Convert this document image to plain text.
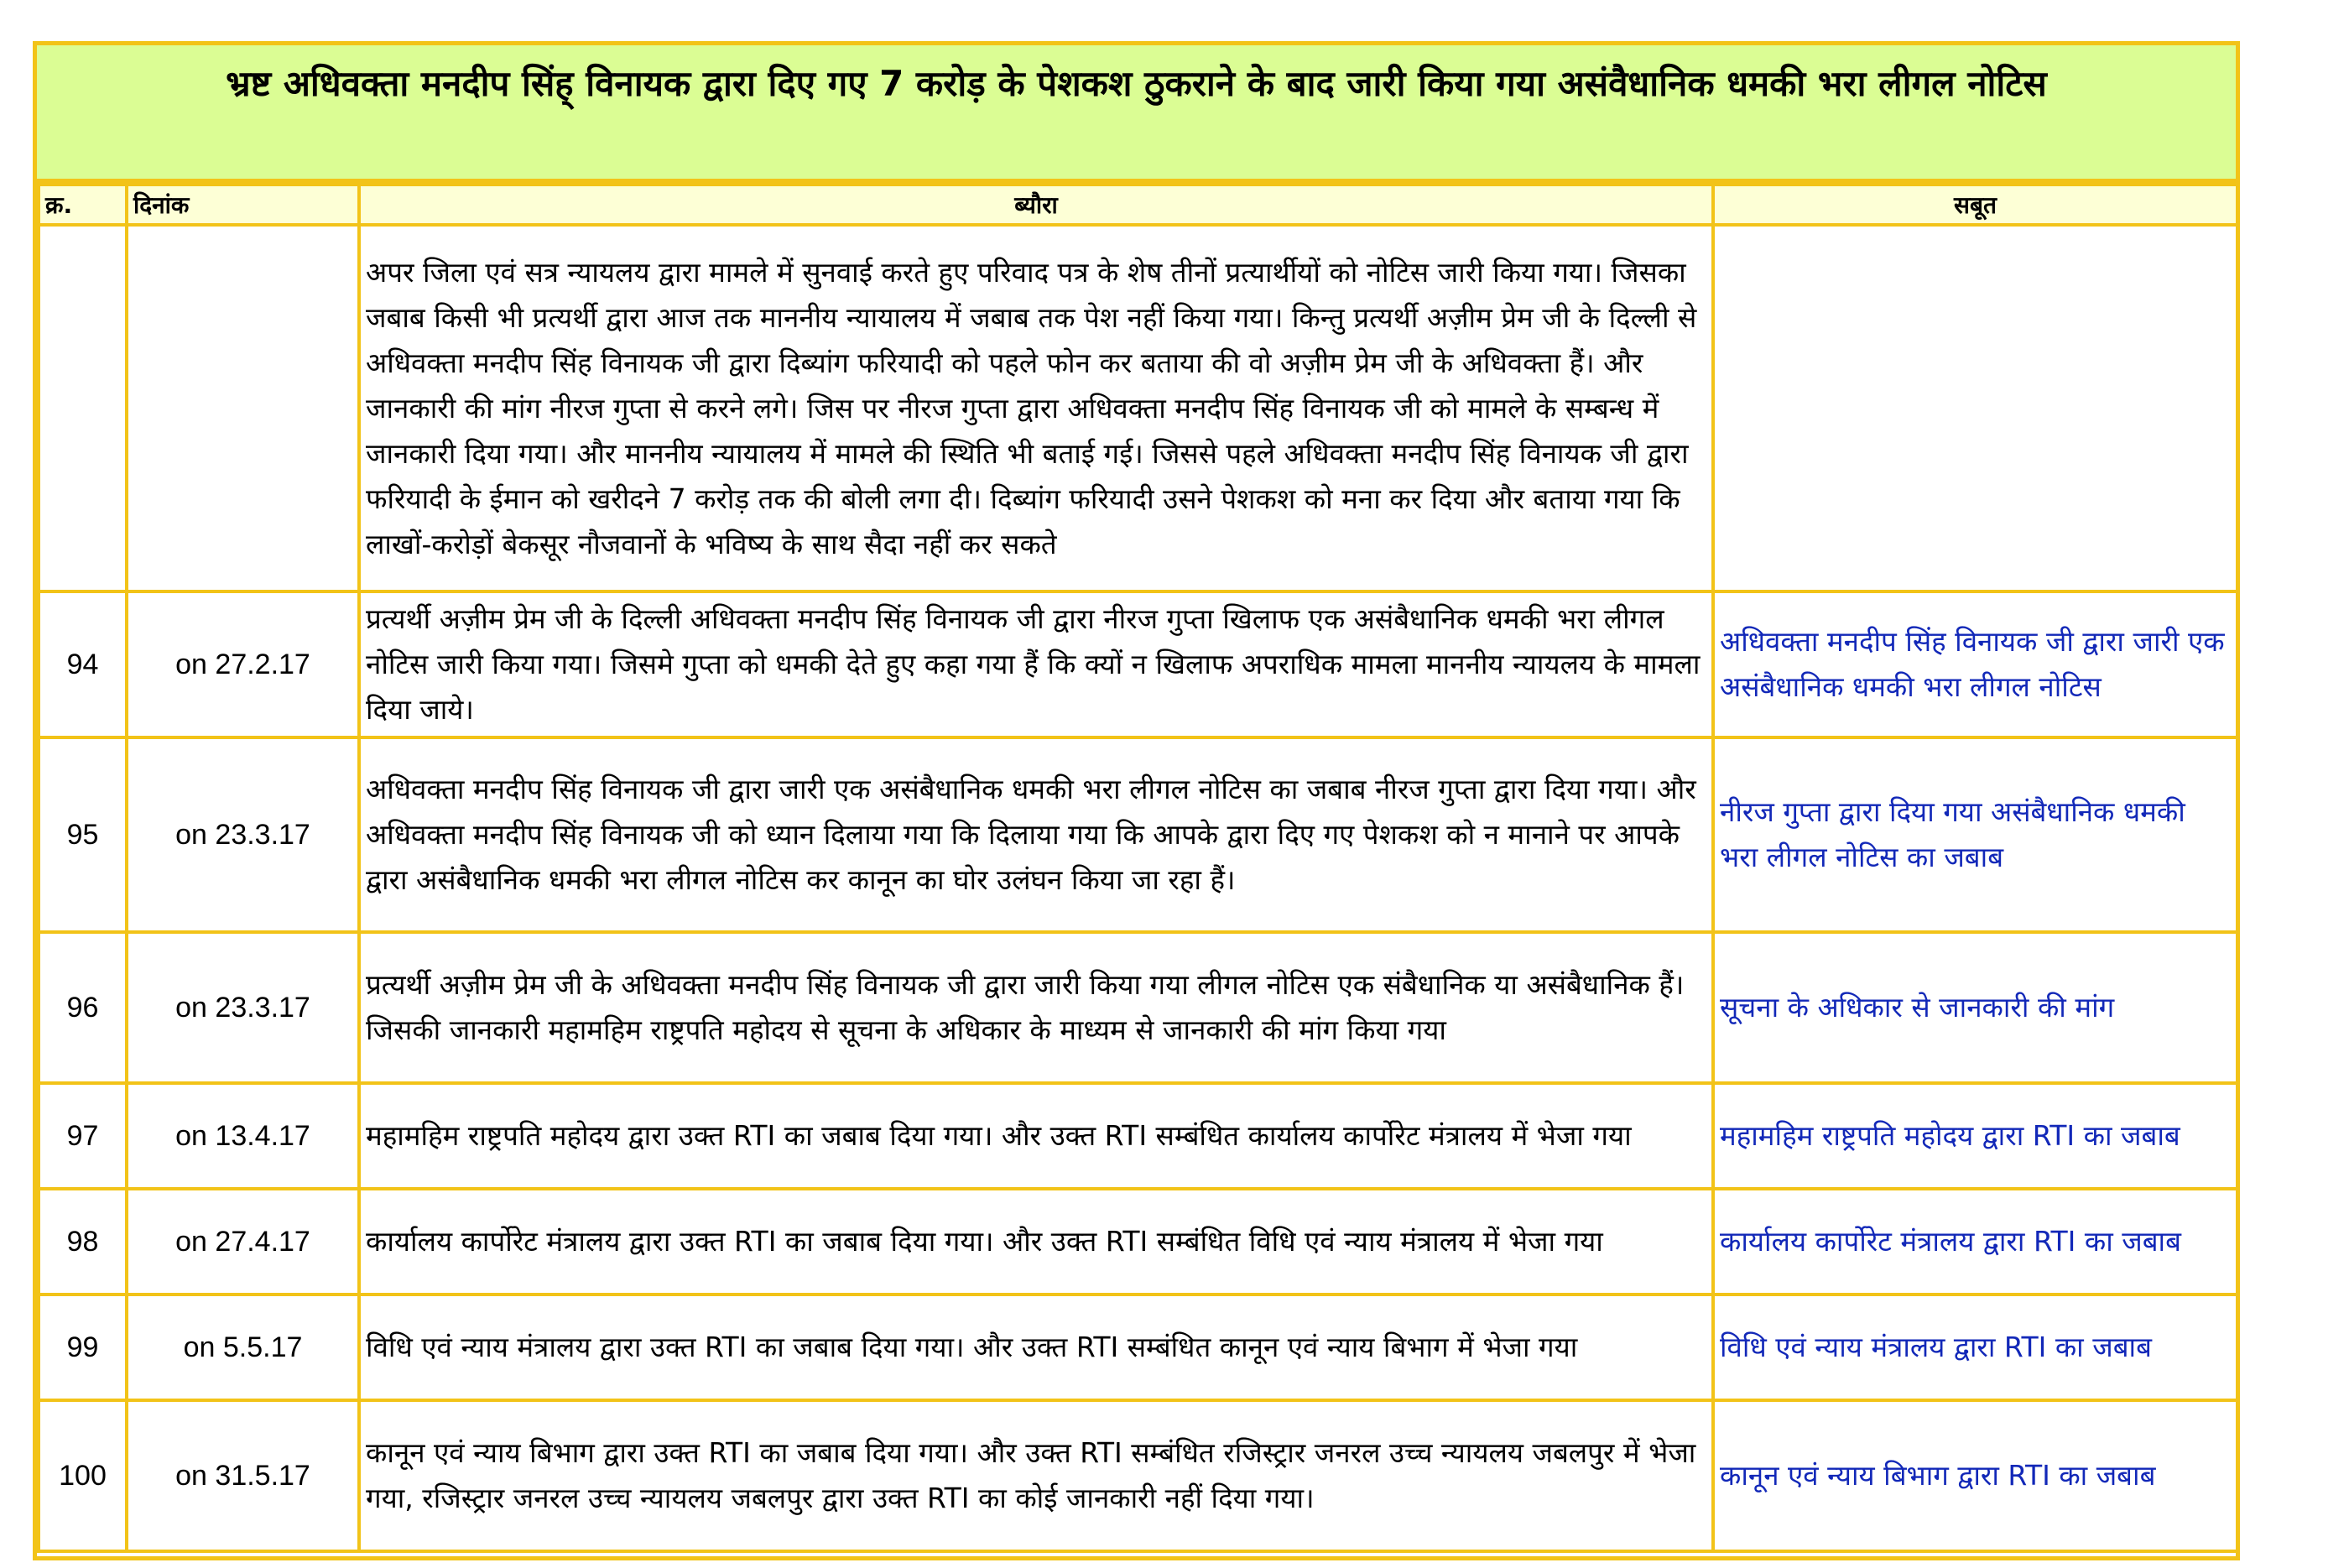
भ्रष्ट अधिवक्ता मनदीप सिंह् विनायक द्वारा दिए गए 7 करोड़ के पेशकश ठुकराने के बाद जारी किया गया असंवैधानिक धमकी भरा लीगल नोटिस
क्र.	दिनांक	ब्यौरा	सबूत
		अपर जिला एवं सत्र न्यायलय द्वारा मामले में सुनवाई करते हुए परिवाद पत्र के शेष तीनों प्रत्यार्थीयों को नोटिस जारी किया गया। जिसका जबाब किसी भी प्रत्यर्थी द्वारा आज तक माननीय न्यायालय में जबाब तक पेश नहीं किया गया। किन्तु प्रत्यर्थी अज़ीम प्रेम जी के दिल्ली से अधिवक्ता मनदीप सिंह विनायक जी द्वारा दिब्यांग फरियादी को पहले फोन कर बताया की वो अज़ीम प्रेम जी के अधिवक्ता हैं। और जानकारी की मांग नीरज गुप्ता से करने लगे। जिस पर नीरज गुप्ता द्वारा अधिवक्ता मनदीप सिंह विनायक जी को मामले के सम्बन्ध में जानकारी दिया गया। और माननीय न्यायालय में मामले की स्थिति भी बताई गई। जिससे पहले अधिवक्ता मनदीप सिंह विनायक जी द्वारा फरियादी के ईमान को खरीदने 7 करोड़ तक की बोली लगा दी। दिब्यांग फरियादी उसने पेशकश को मना कर दिया और बताया गया कि लाखों-करोड़ों बेकसूर नौजवानों के भविष्य के साथ सैदा नहीं कर सकते	
94	on 27.2.17	प्रत्यर्थी अज़ीम प्रेम जी के दिल्ली अधिवक्ता मनदीप सिंह विनायक जी द्वारा नीरज गुप्ता खिलाफ एक असंबैधानिक धमकी भरा लीगल नोटिस जारी किया गया। जिसमे गुप्ता को धमकी देते हुए कहा गया हैं कि क्यों न खिलाफ अपराधिक मामला माननीय न्यायलय के मामला दिया जाये।	अधिवक्ता मनदीप सिंह विनायक जी द्वारा जारी एक असंबैधानिक धमकी भरा लीगल नोटिस
95	on 23.3.17	अधिवक्ता मनदीप सिंह विनायक जी द्वारा जारी एक असंबैधानिक धमकी भरा लीगल नोटिस का जबाब नीरज गुप्ता द्वारा दिया गया। और अधिवक्ता मनदीप सिंह विनायक जी को ध्यान दिलाया गया कि दिलाया गया कि आपके द्वारा दिए गए पेशकश को न मानाने पर आपके द्वारा असंबैधानिक धमकी भरा लीगल नोटिस कर कानून का घोर उलंघन किया जा रहा हैं।	नीरज गुप्ता द्वारा दिया गया असंबैधानिक धमकी भरा लीगल नोटिस का जबाब
96	on 23.3.17	प्रत्यर्थी अज़ीम प्रेम जी के अधिवक्ता मनदीप सिंह विनायक जी द्वारा जारी किया गया लीगल नोटिस एक संबैधानिक या असंबैधानिक हैं। जिसकी जानकारी महामहिम राष्ट्रपति महोदय से सूचना के अधिकार के माध्यम से जानकारी की मांग किया गया	सूचना के अधिकार से जानकारी की मांग
97	on 13.4.17	महामहिम राष्ट्रपति महोदय द्वारा उक्त RTI का जबाब दिया गया। और उक्त RTI सम्बंधित कार्यालय कार्पोरेट मंत्रालय में भेजा गया	महामहिम राष्ट्रपति महोदय द्वारा RTI का जबाब
98	on 27.4.17	कार्यालय कार्पोरेट मंत्रालय द्वारा उक्त RTI का जबाब दिया गया। और उक्त RTI सम्बंधित विधि एवं न्याय मंत्रालय में भेजा गया	कार्यालय कार्पोरेट मंत्रालय द्वारा RTI का जबाब
99	on 5.5.17	विधि एवं न्याय मंत्रालय द्वारा उक्त RTI का जबाब दिया गया। और उक्त RTI सम्बंधित कानून एवं न्याय बिभाग में भेजा गया	विधि एवं न्याय मंत्रालय द्वारा RTI का जबाब
100	on 31.5.17	कानून एवं न्याय बिभाग द्वारा उक्त RTI का जबाब दिया गया। और उक्त RTI सम्बंधित रजिस्ट्रार जनरल उच्च न्यायलय जबलपुर में भेजा गया, रजिस्ट्रार जनरल उच्च न्यायलय जबलपुर द्वारा उक्त RTI का कोई जानकारी नहीं दिया गया।	कानून एवं न्याय बिभाग द्वारा RTI का जबाब
